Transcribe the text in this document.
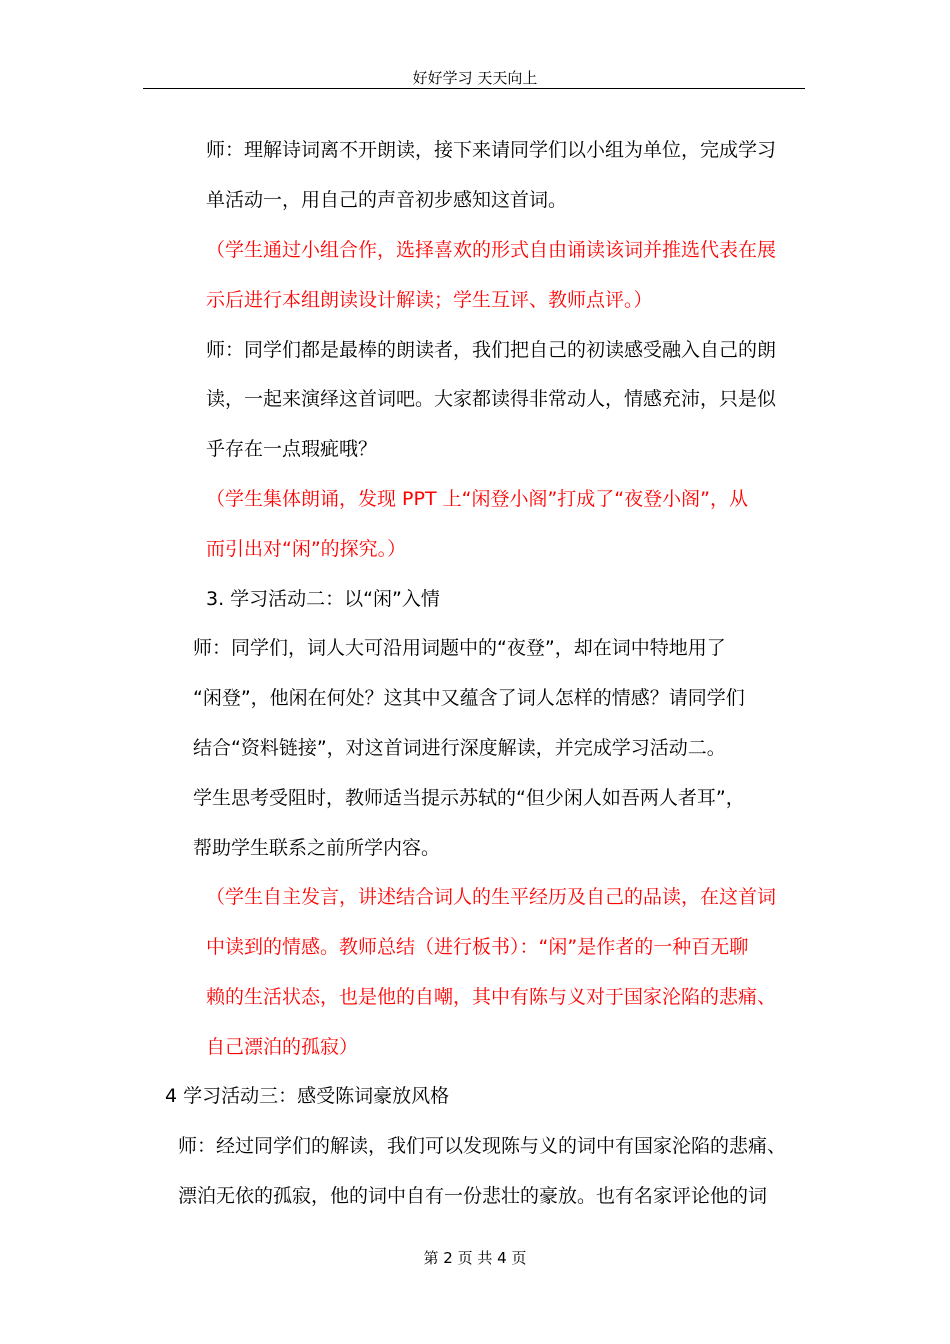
好好学习 天天向上
师：理解诗词离不开朗读，接下来请同学们以小组为单位，完成学习
单活动一，用自己的声音初步感知这首词。
（学生通过小组合作，选择喜欢的形式自由诵读该词并推选代表在展
示后进行本组朗读设计解读；学生互评、教师点评。）
师：同学们都是最棒的朗读者，我们把自己的初读感受融入自己的朗
读，一起来演绎这首词吧。大家都读得非常动人，情感充沛，只是似
乎存在一点瑕疵哦？
（学生集体朗诵，发现 PPT 上“闲登小阁”打成了“夜登小阁”，从
而引出对“闲”的探究。）
3. 学习活动二：以“闲”入情
师：同学们，词人大可沿用词题中的“夜登”，却在词中特地用了
“闲登”，他闲在何处？这其中又蕴含了词人怎样的情感？请同学们
结合“资料链接”，对这首词进行深度解读，并完成学习活动二。
学生思考受阻时，教师适当提示苏轼的“但少闲人如吾两人者耳”，
帮助学生联系之前所学内容。
（学生自主发言，讲述结合词人的生平经历及自己的品读，在这首词
中读到的情感。教师总结（进行板书）：“闲”是作者的一种百无聊
赖的生活状态，也是他的自嘲，其中有陈与义对于国家沦陷的悲痛、
自己漂泊的孤寂）
4 学习活动三：感受陈词豪放风格
师：经过同学们的解读，我们可以发现陈与义的词中有国家沦陷的悲痛、
漂泊无依的孤寂，他的词中自有一份悲壮的豪放。也有名家评论他的词
第 2 页 共 4 页
